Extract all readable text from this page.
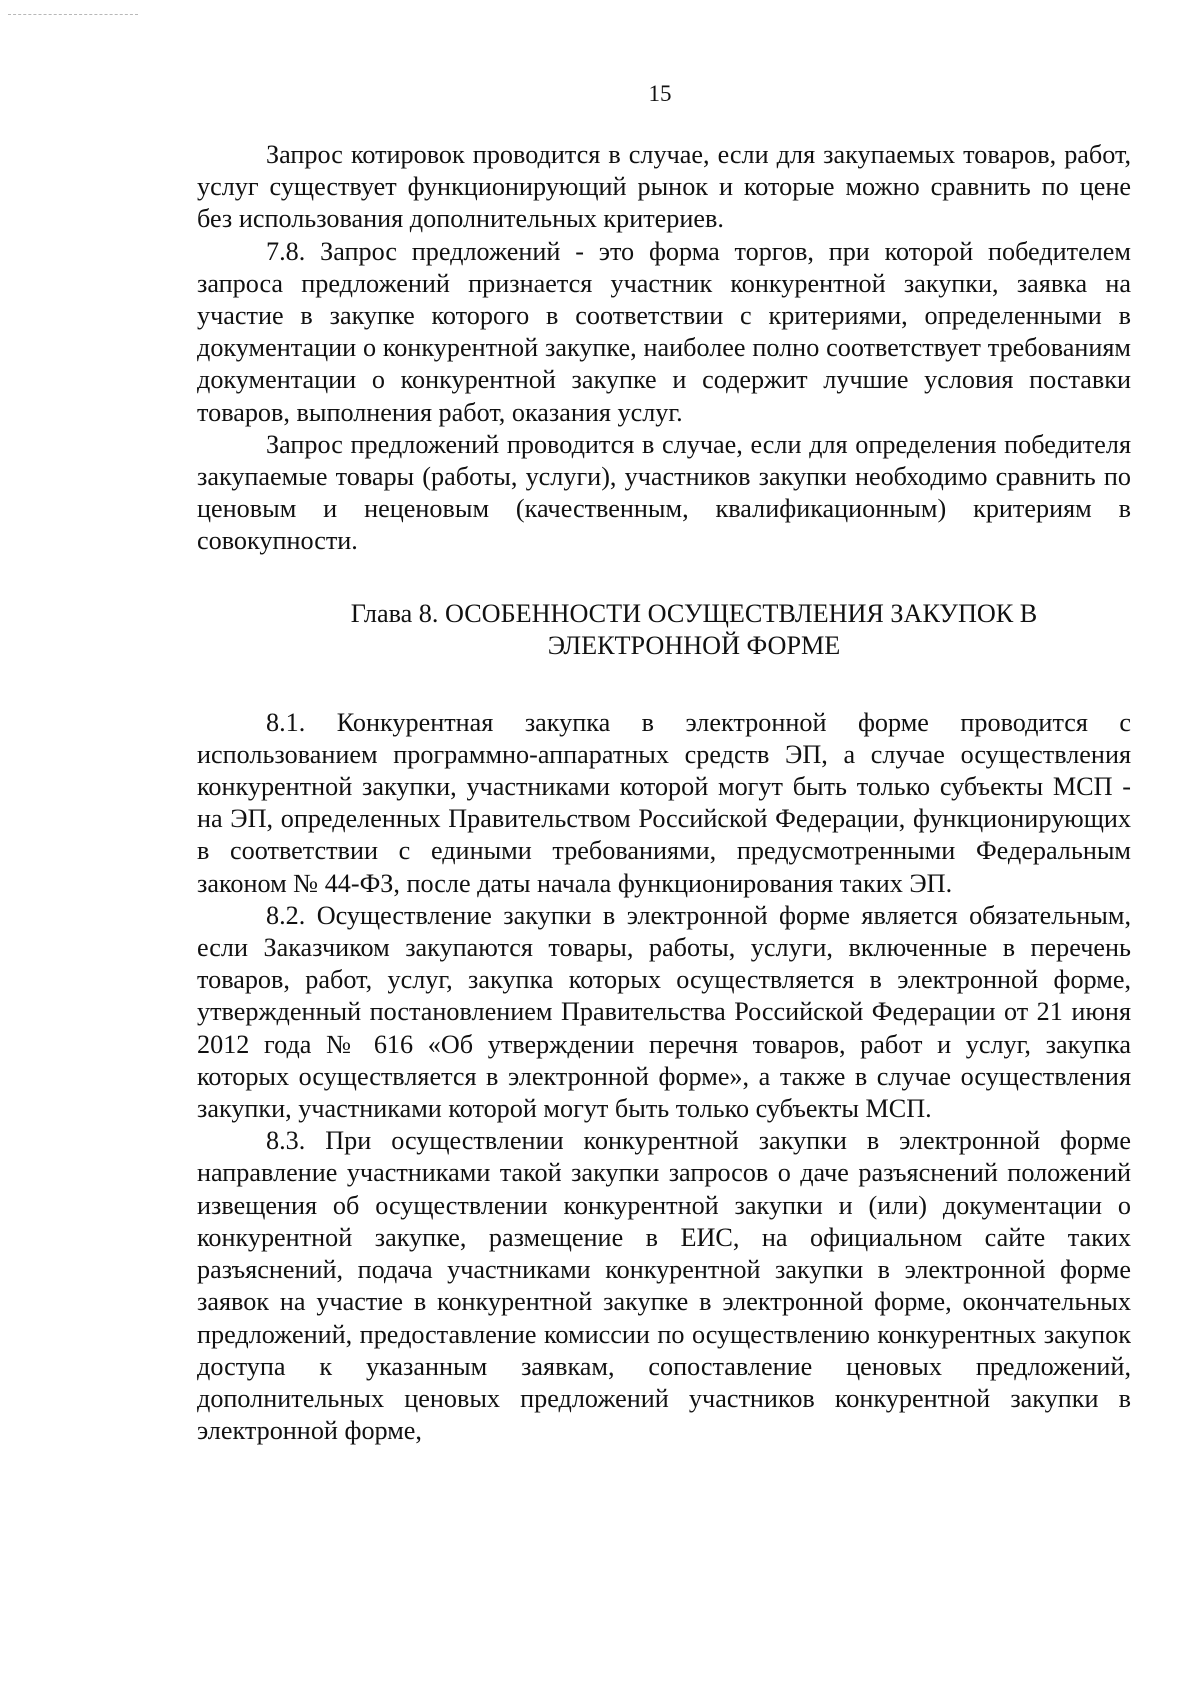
15

Запрос котировок проводится в случае, если для закупаемых товаров, работ, услуг существует функционирующий рынок и которые можно сравнить по цене без использования дополнительных критериев.

7.8. Запрос предложений - это форма торгов, при которой победителем запроса предложений признается участник конкурентной закупки, заявка на участие в закупке которого в соответствии с критериями, определенными в документации о конкурентной закупке, наиболее полно соответствует требованиям документации о конкурентной закупке и содержит лучшие условия поставки товаров, выполнения работ, оказания услуг.

Запрос предложений проводится в случае, если для определения победителя закупаемые товары (работы, услуги), участников закупки необходимо сравнить по ценовым и неценовым (качественным, квалификационным) критериям в совокупности.

Глава 8. ОСОБЕННОСТИ ОСУЩЕСТВЛЕНИЯ ЗАКУПОК В
ЭЛЕКТРОННОЙ ФОРМЕ

8.1. Конкурентная закупка в электронной форме проводится с использованием программно-аппаратных средств ЭП, а случае осуществления конкурентной закупки, участниками которой могут быть только субъекты МСП - на ЭП, определенных Правительством Российской Федерации, функционирующих в соответствии с едиными требованиями, предусмотренными Федеральным законом № 44-ФЗ, после даты начала функционирования таких ЭП.

8.2. Осуществление закупки в электронной форме является обязательным, если Заказчиком закупаются товары, работы, услуги, включенные в перечень товаров, работ, услуг, закупка которых осуществляется в электронной форме, утвержденный постановлением Правительства Российской Федерации от 21 июня 2012 года № 616 «Об утверждении перечня товаров, работ и услуг, закупка которых осуществляется в электронной форме», а также в случае осуществления закупки, участниками которой могут быть только субъекты МСП.

8.3. При осуществлении конкурентной закупки в электронной форме направление участниками такой закупки запросов о даче разъяснений положений извещения об осуществлении конкурентной закупки и (или) документации о конкурентной закупке, размещение в ЕИС, на официальном сайте таких разъяснений, подача участниками конкурентной закупки в электронной форме заявок на участие в конкурентной закупке в электронной форме, окончательных предложений, предоставление комиссии по осуществлению конкурентных закупок доступа к указанным заявкам, сопоставление ценовых предложений, дополнительных ценовых предложений участников конкурентной закупки в электронной форме,
